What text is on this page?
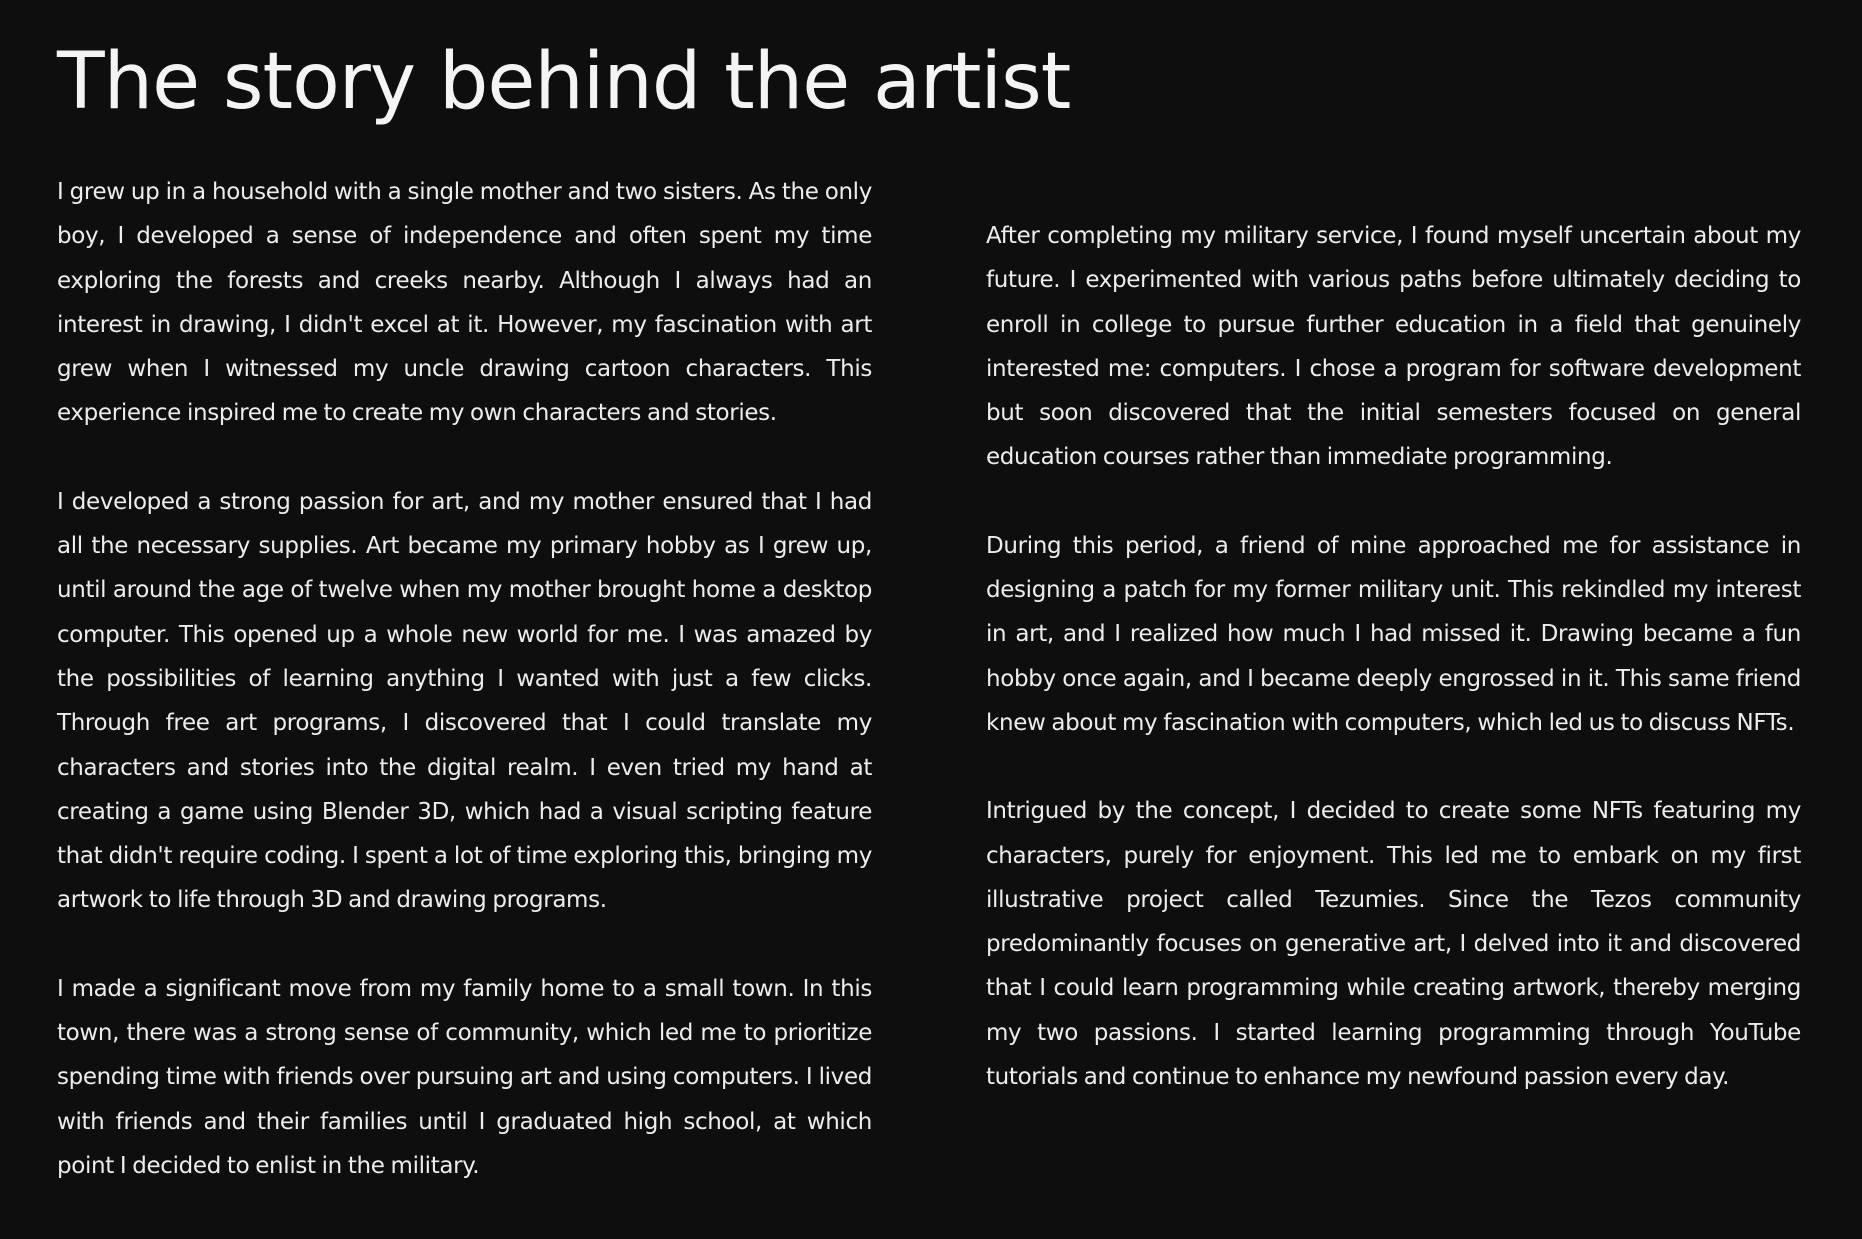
The story behind the artist

I grew up in a household with a single mother and two sisters. As the only boy, I developed a sense of independence and often spent my time exploring the forests and creeks nearby. Although I always had an interest in drawing, I didn't excel at it. However, my fascination with art grew when I witnessed my uncle drawing cartoon characters. This experience inspired me to create my own characters and stories.

I developed a strong passion for art, and my mother ensured that I had all the necessary supplies. Art became my primary hobby as I grew up, until around the age of twelve when my mother brought home a desktop computer. This opened up a whole new world for me. I was amazed by the possibilities of learning anything I wanted with just a few clicks. Through free art programs, I discovered that I could translate my characters and stories into the digital realm. I even tried my hand at creating a game using Blender 3D, which had a visual scripting feature that didn't require coding. I spent a lot of time exploring this, bringing my artwork to life through 3D and drawing programs.

I made a significant move from my family home to a small town. In this town, there was a strong sense of community, which led me to prioritize spending time with friends over pursuing art and using computers. I lived with friends and their families until I graduated high school, at which point I decided to enlist in the military.

After completing my military service, I found myself uncertain about my future. I experimented with various paths before ultimately deciding to enroll in college to pursue further education in a field that genuinely interested me: computers. I chose a program for software development but soon discovered that the initial semesters focused on general education courses rather than immediate programming.

During this period, a friend of mine approached me for assistance in designing a patch for my former military unit. This rekindled my interest in art, and I realized how much I had missed it. Drawing became a fun hobby once again, and I became deeply engrossed in it. This same friend knew about my fascination with computers, which led us to discuss NFTs.

Intrigued by the concept, I decided to create some NFTs featuring my characters, purely for enjoyment. This led me to embark on my first illustrative project called Tezumies. Since the Tezos community predominantly focuses on generative art, I delved into it and discovered that I could learn programming while creating artwork, thereby merging my two passions. I started learning programming through YouTube tutorials and continue to enhance my newfound passion every day.
